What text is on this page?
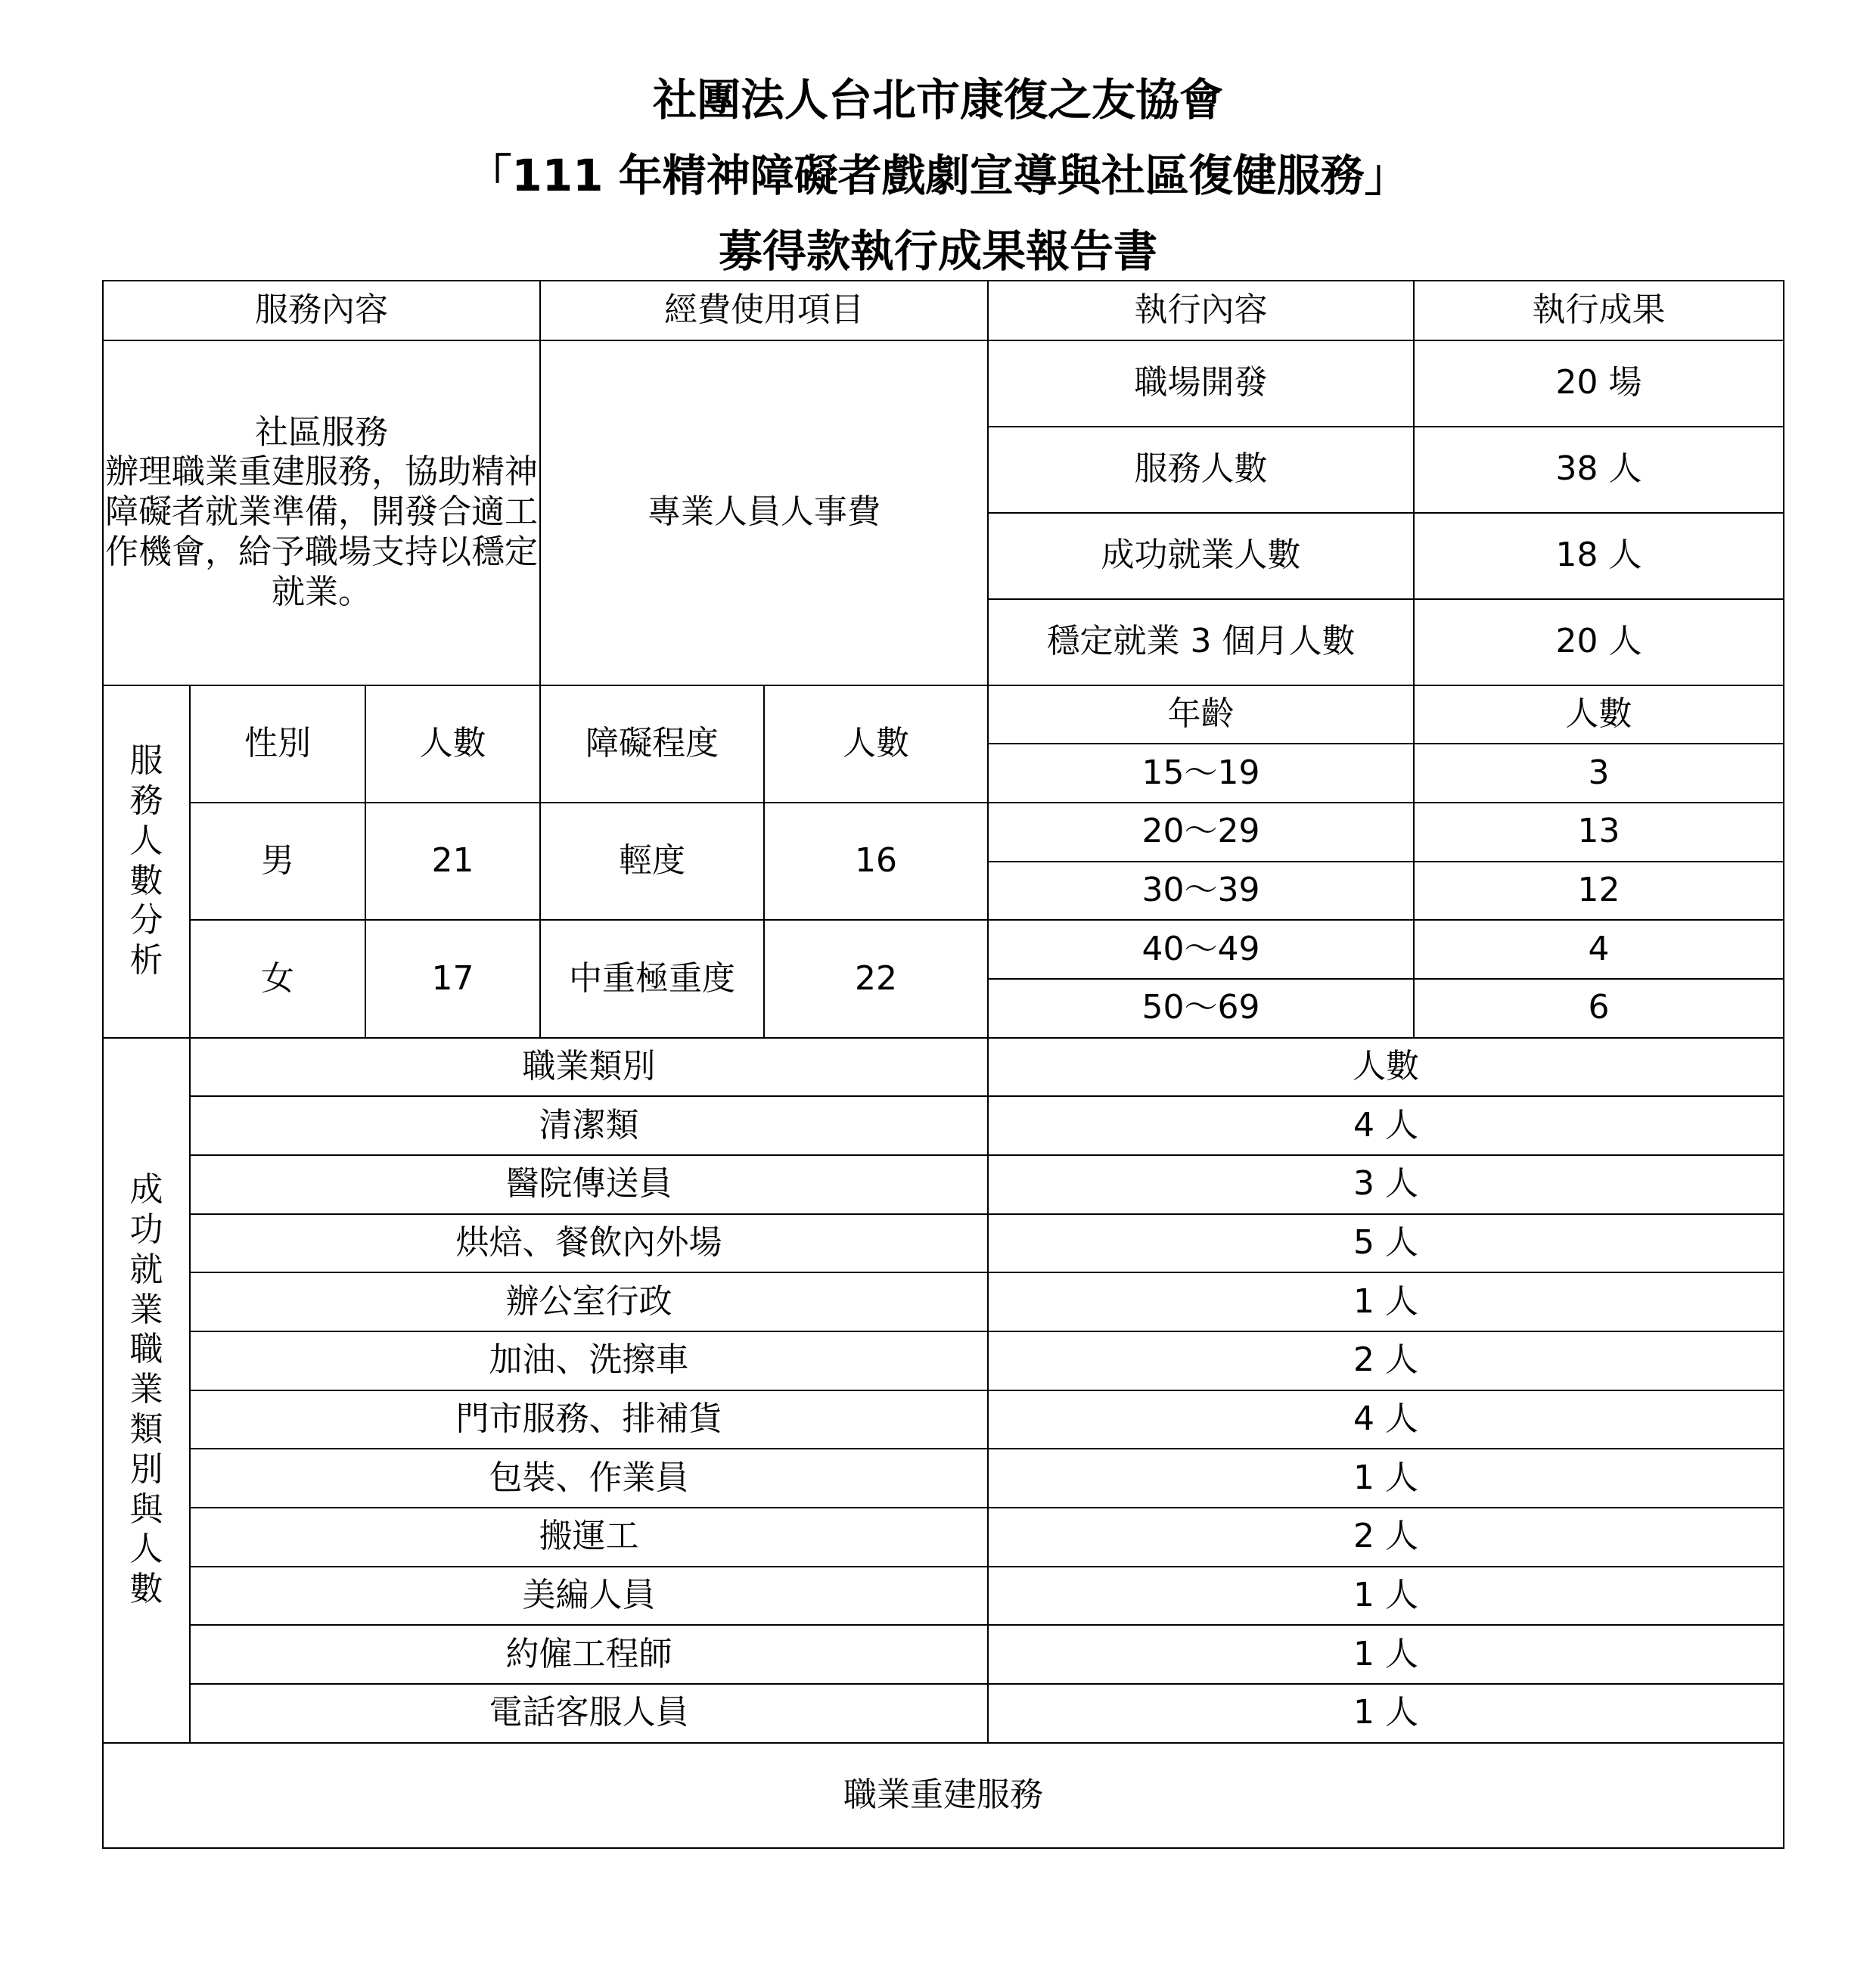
社團法人台北市康復之友協會
「111 年精神障礙者戲劇宣導與社區復健服務」
募得款執行成果報告書
服務內容			經費使用項目		執行內容	執行成果

社區服務
辦理職業重建服務，協助精神障礙者就業準備，開發合適工作機會，給予職場支持以穩定就業。			專業人員人事費		職場開發	20 場
					服務人數	38 人
					成功就業人數	18 人
					穩定就業 3 個月人數	20 人
服務人數分析	性別	人數	障礙程度	人數	年齡	人數
					15～19	3
	男	21	輕度	16	20～29	13
					30～39	12
	女	17	中重極重度	22	40～49	4
					50～69	6
成功就業職業類別與人數	職業類別				人數	
	清潔類				4 人	
	醫院傳送員				3 人	
	烘焙、餐飲內外場				5 人	
	辦公室行政				1 人	
	加油、洗擦車				2 人	
	門市服務、排補貨				4 人	
	包裝、作業員				1 人	
	搬運工				2 人	
	美編人員				1 人	
	約僱工程師				1 人	
	電話客服人員				1 人	
職業重建服務						
